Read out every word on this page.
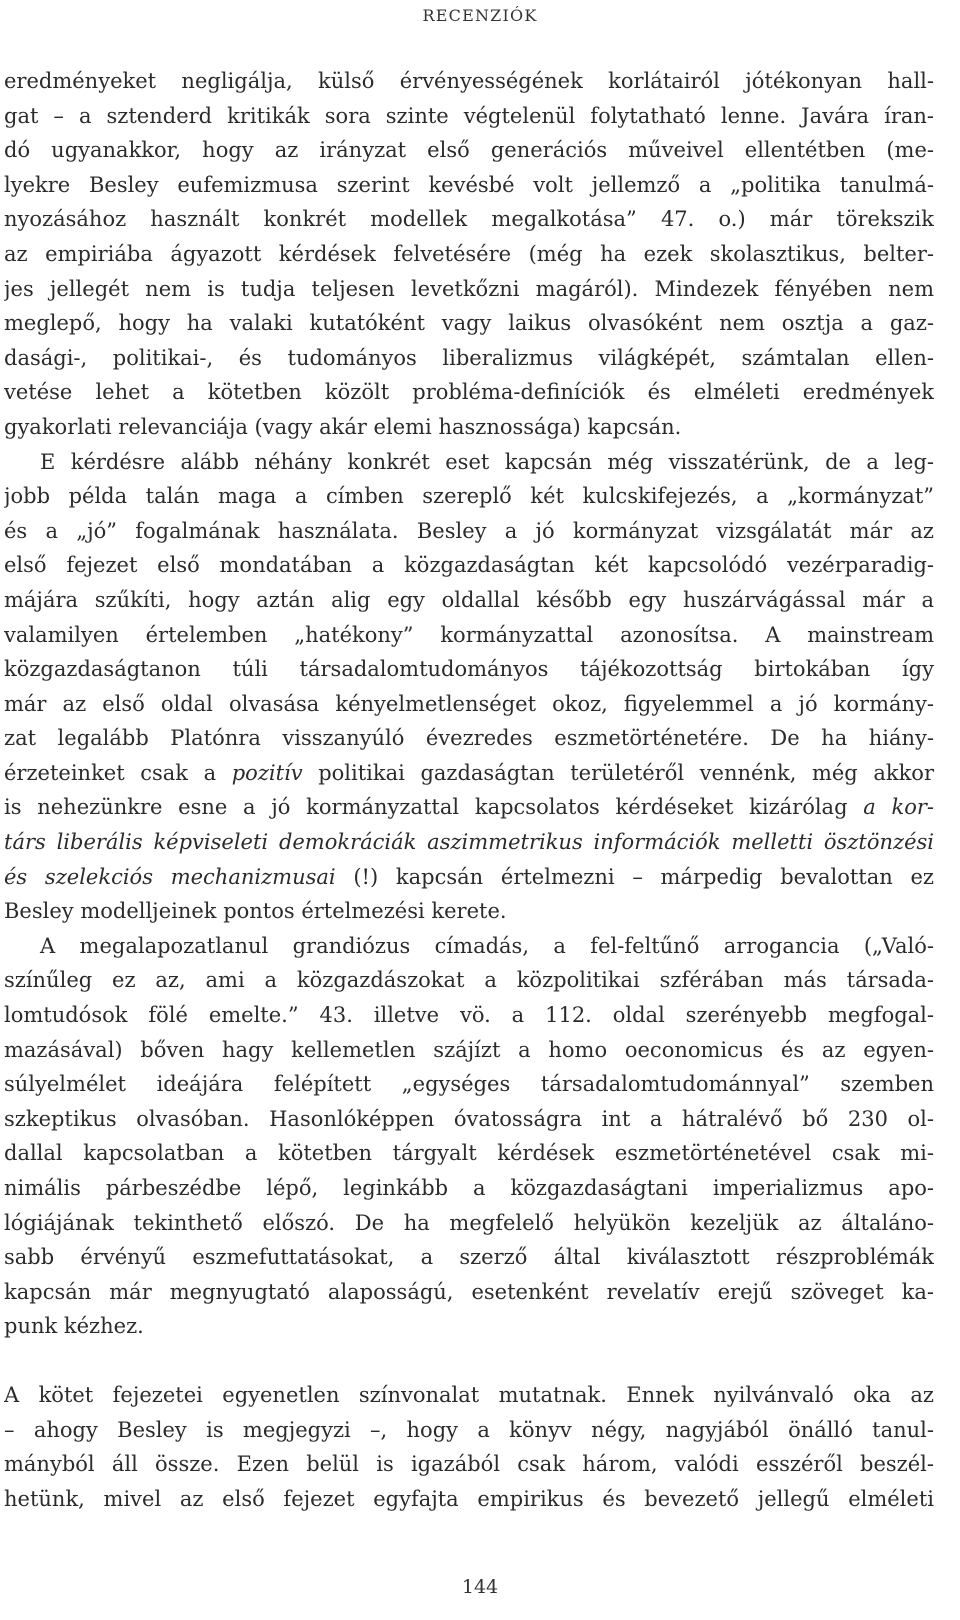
RECENZIÓK
eredményeket negligálja, külső érvényességének korlátairól jótékonyan hall-
gat – a sztenderd kritikák sora szinte végtelenül folytatható lenne. Javára íran-
dó ugyanakkor, hogy az irányzat első generációs műveivel ellentétben (me-
lyekre Besley eufemizmusa szerint kevésbé volt jellemző a „politika tanulmá-
nyozásához használt konkrét modellek megalkotása” 47. o.) már törekszik
az empiriába ágyazott kérdések felvetésére (még ha ezek skolasztikus, belter-
jes jellegét nem is tudja teljesen levetkőzni magáról). Mindezek fényében nem
meglepő, hogy ha valaki kutatóként vagy laikus olvasóként nem osztja a gaz-
dasági-, politikai-, és tudományos liberalizmus világképét, számtalan ellen-
vetése lehet a kötetben közölt probléma-definíciók és elméleti eredmények
gyakorlati relevanciája (vagy akár elemi hasznossága) kapcsán.
E kérdésre alább néhány konkrét eset kapcsán még visszatérünk, de a leg-
jobb példa talán maga a címben szereplő két kulcskifejezés, a „kormányzat”
és a „jó” fogalmának használata. Besley a jó kormányzat vizsgálatát már az
első fejezet első mondatában a közgazdaságtan két kapcsolódó vezérparadig-
májára szűkíti, hogy aztán alig egy oldallal később egy huszárvágással már a
valamilyen értelemben „hatékony” kormányzattal azonosítsa. A mainstream
közgazdaságtanon túli társadalomtudományos tájékozottság birtokában így
már az első oldal olvasása kényelmetlenséget okoz, figyelemmel a jó kormány-
zat legalább Platónra visszanyúló évezredes eszmetörténetére. De ha hiány-
érzeteinket csak a pozitív politikai gazdaságtan területéről vennénk, még akkor
is nehezünkre esne a jó kormányzattal kapcsolatos kérdéseket kizárólag a kor-
társ liberális képviseleti demokráciák aszimmetrikus információk melletti ösztönzési
és szelekciós mechanizmusai (!) kapcsán értelmezni – márpedig bevalottan ez
Besley modelljeinek pontos értelmezési kerete.
A megalapozatlanul grandiózus címadás, a fel-feltűnő arrogancia („Való-
színűleg ez az, ami a közgazdászokat a közpolitikai szférában más társada-
lomtudósok fölé emelte.” 43. illetve vö. a 112. oldal szerényebb megfogal-
mazásával) bőven hagy kellemetlen szájízt a homo oeconomicus és az egyen-
súlyelmélet ideájára felépített „egységes társadalomtudománnyal” szemben
szkeptikus olvasóban. Hasonlóképpen óvatosságra int a hátralévő bő 230 ol-
dallal kapcsolatban a kötetben tárgyalt kérdések eszmetörténetével csak mi-
nimális párbeszédbe lépő, leginkább a közgazdaságtani imperializmus apo-
lógiájának tekinthető előszó. De ha megfelelő helyükön kezeljük az általáno-
sabb érvényű eszmefuttatásokat, a szerző által kiválasztott részproblémák
kapcsán már megnyugtató alaposságú, esetenként revelatív erejű szöveget ka-
punk kézhez.
A kötet fejezetei egyenetlen színvonalat mutatnak. Ennek nyilvánvaló oka az
– ahogy Besley is megjegyzi –, hogy a könyv négy, nagyjából önálló tanul-
mányból áll össze. Ezen belül is igazából csak három, valódi esszéről beszél-
hetünk, mivel az első fejezet egyfajta empirikus és bevezető jellegű elméleti
144
